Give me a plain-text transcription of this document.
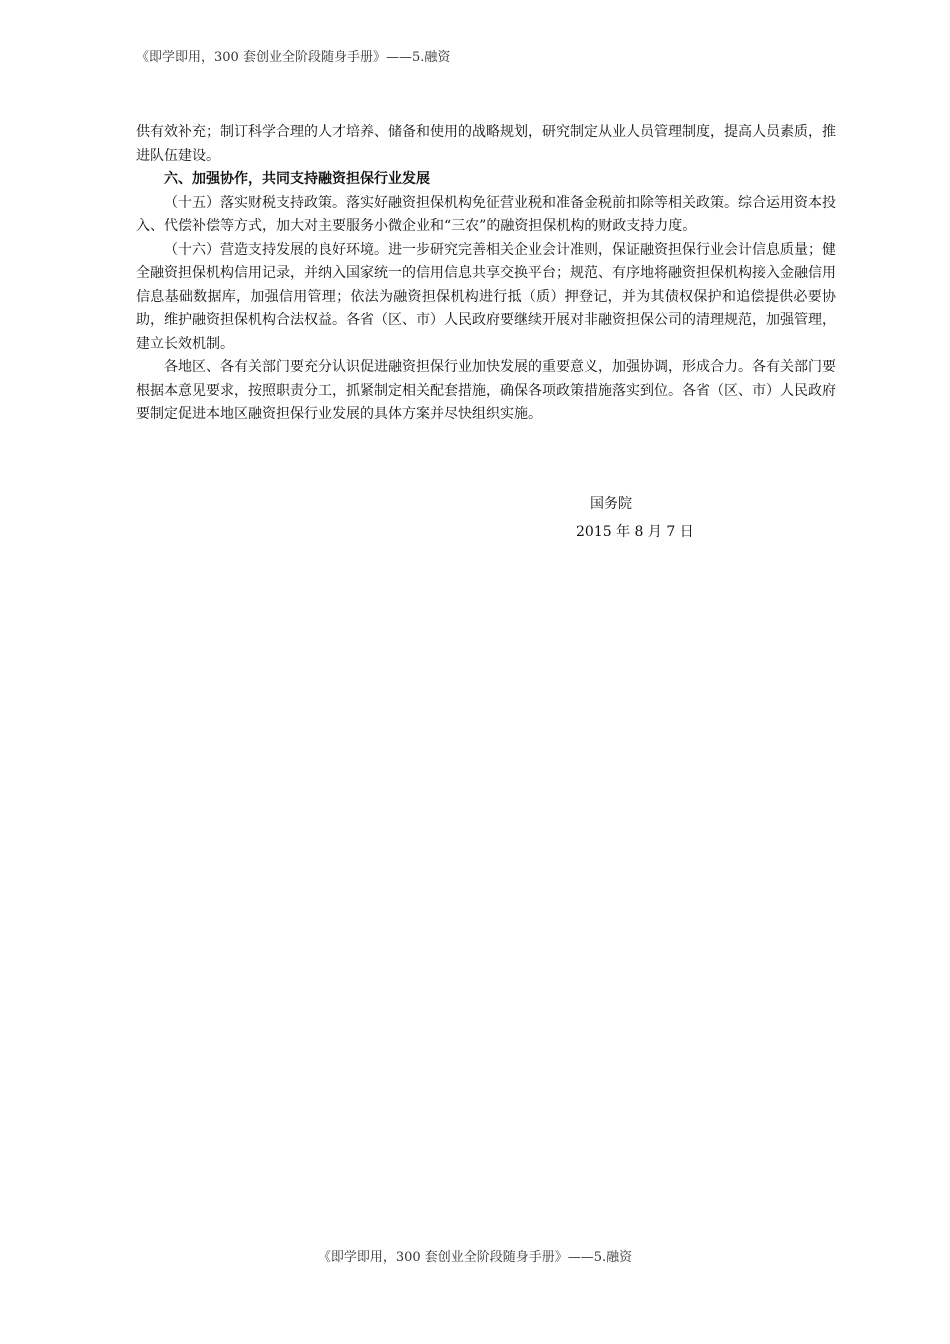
《即学即用，300 套创业全阶段随身手册》——5.融资

供有效补充；制订科学合理的人才培养、储备和使用的战略规划，研究制定从业人员管理制度，提高人员素质，推进队伍建设。

六、加强协作，共同支持融资担保行业发展

（十五）落实财税支持政策。落实好融资担保机构免征营业税和准备金税前扣除等相关政策。综合运用资本投入、代偿补偿等方式，加大对主要服务小微企业和“三农”的融资担保机构的财政支持力度。

（十六）营造支持发展的良好环境。进一步研究完善相关企业会计准则，保证融资担保行业会计信息质量；健全融资担保机构信用记录，并纳入国家统一的信用信息共享交换平台；规范、有序地将融资担保机构接入金融信用信息基础数据库，加强信用管理；依法为融资担保机构进行抵（质）押登记，并为其债权保护和追偿提供必要协助，维护融资担保机构合法权益。各省（区、市）人民政府要继续开展对非融资担保公司的清理规范，加强管理，建立长效机制。

各地区、各有关部门要充分认识促进融资担保行业加快发展的重要意义，加强协调，形成合力。各有关部门要根据本意见要求，按照职责分工，抓紧制定相关配套措施，确保各项政策措施落实到位。各省（区、市）人民政府要制定促进本地区融资担保行业发展的具体方案并尽快组织实施。

国务院
2015 年 8 月 7 日
《即学即用，300 套创业全阶段随身手册》——5.融资
